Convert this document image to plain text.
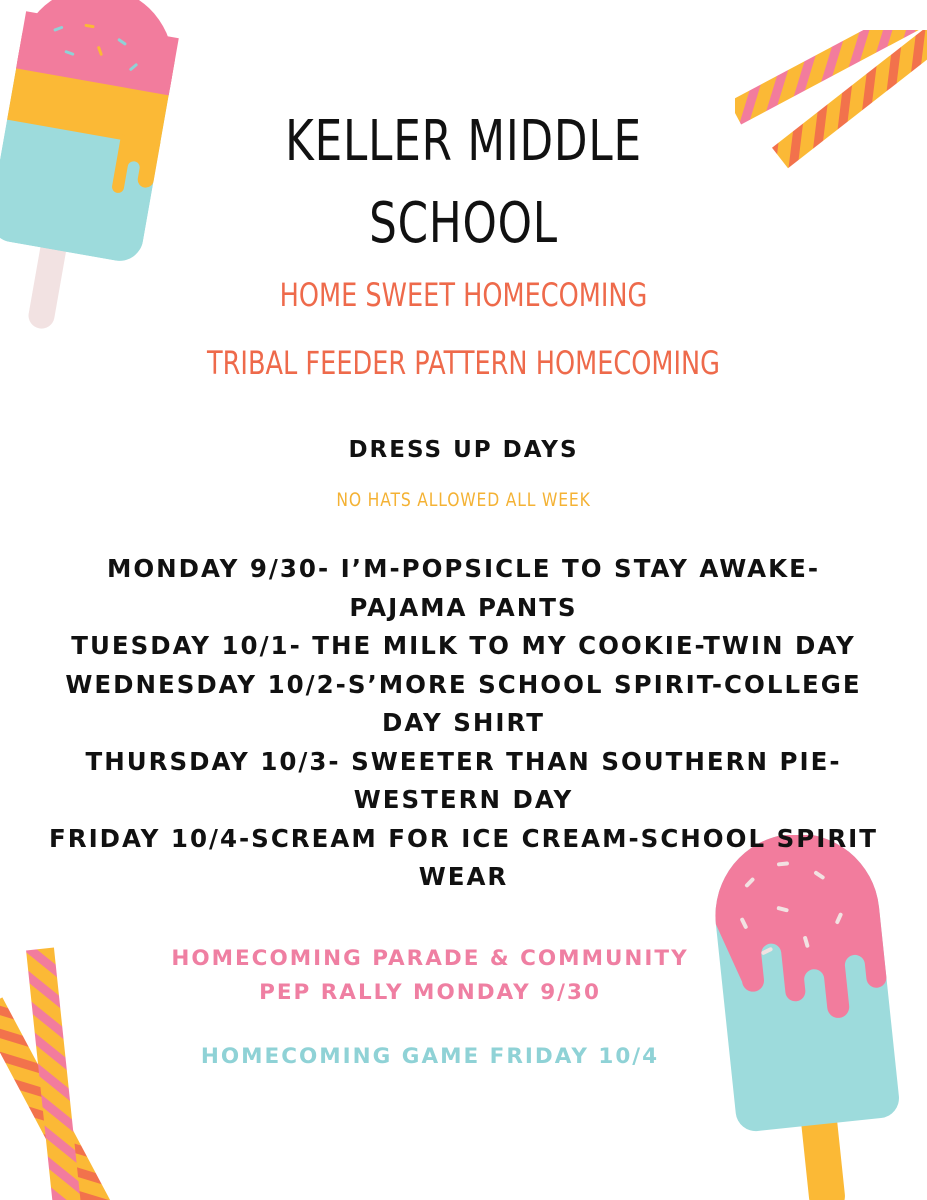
KELLER MIDDLE
SCHOOL
HOME SWEET HOMECOMING
TRIBAL FEEDER PATTERN HOMECOMING
DRESS UP DAYS
NO HATS ALLOWED ALL WEEK
MONDAY 9/30- I’M-POPSICLE TO STAY AWAKE-
PAJAMA PANTS
TUESDAY 10/1- THE MILK TO MY COOKIE-TWIN DAY
WEDNESDAY 10/2-S’MORE SCHOOL SPIRIT-COLLEGE
DAY SHIRT
THURSDAY 10/3- SWEETER THAN SOUTHERN PIE-
WESTERN DAY
FRIDAY 10/4-SCREAM FOR ICE CREAM-SCHOOL SPIRIT
WEAR
HOMECOMING PARADE & COMMUNITY
PEP RALLY MONDAY 9/30
HOMECOMING GAME FRIDAY 10/4
